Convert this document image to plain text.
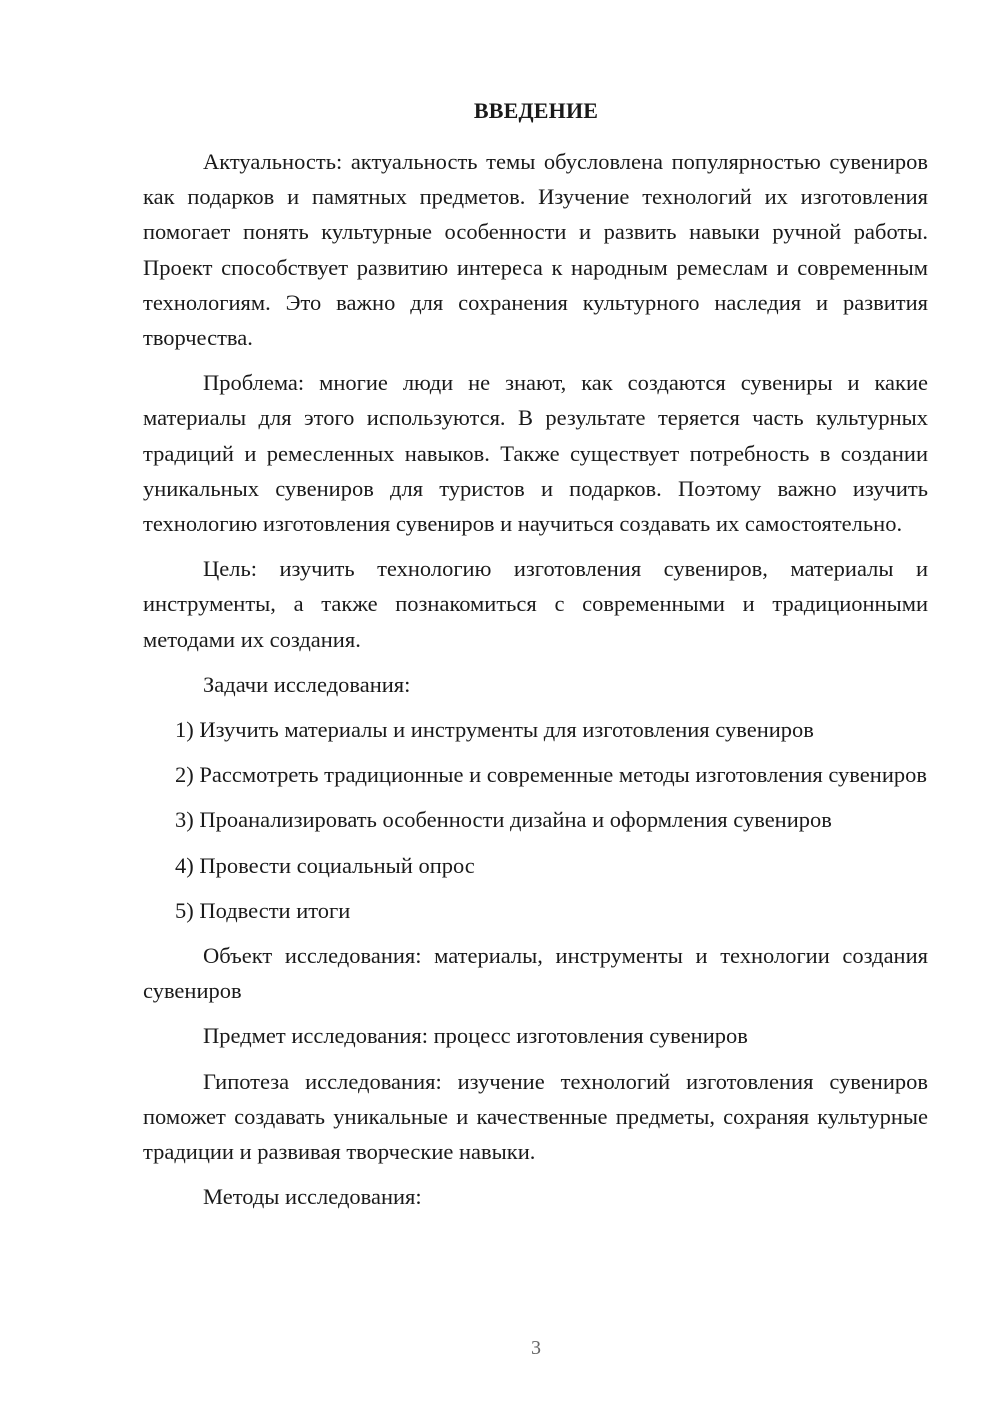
ВВЕДЕНИЕ

Актуальность: актуальность темы обусловлена популярностью сувениров как подарков и памятных предметов. Изучение технологий их изготовления помогает понять культурные особенности и развить навыки ручной работы. Проект способствует развитию интереса к народным ремеслам и современным технологиям. Это важно для сохранения культурного наследия и развития творчества.

Проблема: многие люди не знают, как создаются сувениры и какие материалы для этого используются. В результате теряется часть культурных традиций и ремесленных навыков. Также существует потребность в создании уникальных сувениров для туристов и подарков. Поэтому важно изучить технологию изготовления сувениров и научиться создавать их самостоятельно.

Цель: изучить технологию изготовления сувениров, материалы и инструменты, а также познакомиться с современными и традиционными методами их создания.

Задачи исследования:

1) Изучить материалы и инструменты для изготовления сувениров

2) Рассмотреть традиционные и современные методы изготовления сувениров

3) Проанализировать особенности дизайна и оформления сувениров

4) Провести социальный опрос

5) Подвести итоги

Объект исследования: материалы, инструменты и технологии создания сувениров

Предмет исследования: процесс изготовления сувениров

Гипотеза исследования: изучение технологий изготовления сувениров поможет создавать уникальные и качественные предметы, сохраняя культурные традиции и развивая творческие навыки.

Методы исследования:

3
